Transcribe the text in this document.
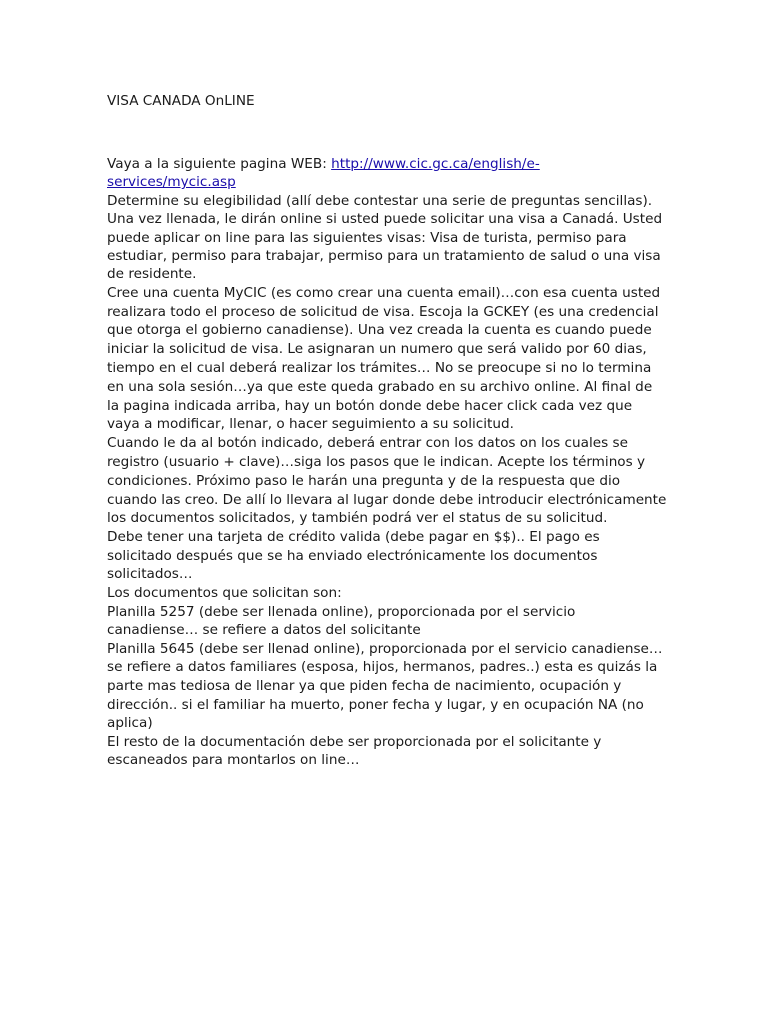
VISA CANADA OnLINE

Vaya a la siguiente pagina WEB: http://www.cic.gc.ca/english/e-
services/mycic.asp

Determine su elegibilidad (allí debe contestar una serie de preguntas sencillas). Una vez llenada, le dirán online si usted puede solicitar una visa a Canadá. Usted puede aplicar on line para las siguientes visas: Visa de turista, permiso para estudiar, permiso para trabajar, permiso para un tratamiento de salud o una visa de residente.

Cree una cuenta MyCIC (es como crear una cuenta email)…con esa cuenta usted realizara todo el proceso de solicitud de visa. Escoja la GCKEY (es una credencial que otorga el gobierno canadiense). Una vez creada la cuenta es cuando puede iniciar la solicitud de visa. Le asignaran un numero que será valido por 60 dias, tiempo en el cual deberá realizar los trámites… No se preocupe si no lo termina en una sola sesión…ya que este queda grabado en su archivo online. Al final de la pagina indicada arriba, hay un botón donde debe hacer click cada vez que vaya a modificar, llenar, o hacer seguimiento a su solicitud.

Cuando le da al botón indicado, deberá entrar con los datos on los cuales se registro (usuario + clave)…siga los pasos que le indican. Acepte los términos y condiciones. Próximo paso le harán una pregunta y de la respuesta que dio cuando las creo. De allí lo llevara al lugar donde debe introducir electrónicamente los documentos solicitados, y también podrá ver el status de su solicitud.

Debe tener una tarjeta de crédito valida (debe pagar en $$).. El pago es solicitado después que se ha enviado electrónicamente los documentos solicitados…

Los documentos que solicitan son:

Planilla 5257 (debe ser llenada online), proporcionada por el servicio canadiense… se refiere a datos del solicitante

Planilla 5645 (debe ser llenad online), proporcionada por el servicio canadiense…se refiere a datos familiares (esposa, hijos, hermanos, padres..) esta es quizás la parte mas tediosa de llenar ya que piden fecha de nacimiento, ocupación y dirección.. si el familiar ha muerto, poner fecha y lugar, y en ocupación NA (no aplica)

El resto de la documentación debe ser proporcionada por el solicitante y escaneados para montarlos on line…
